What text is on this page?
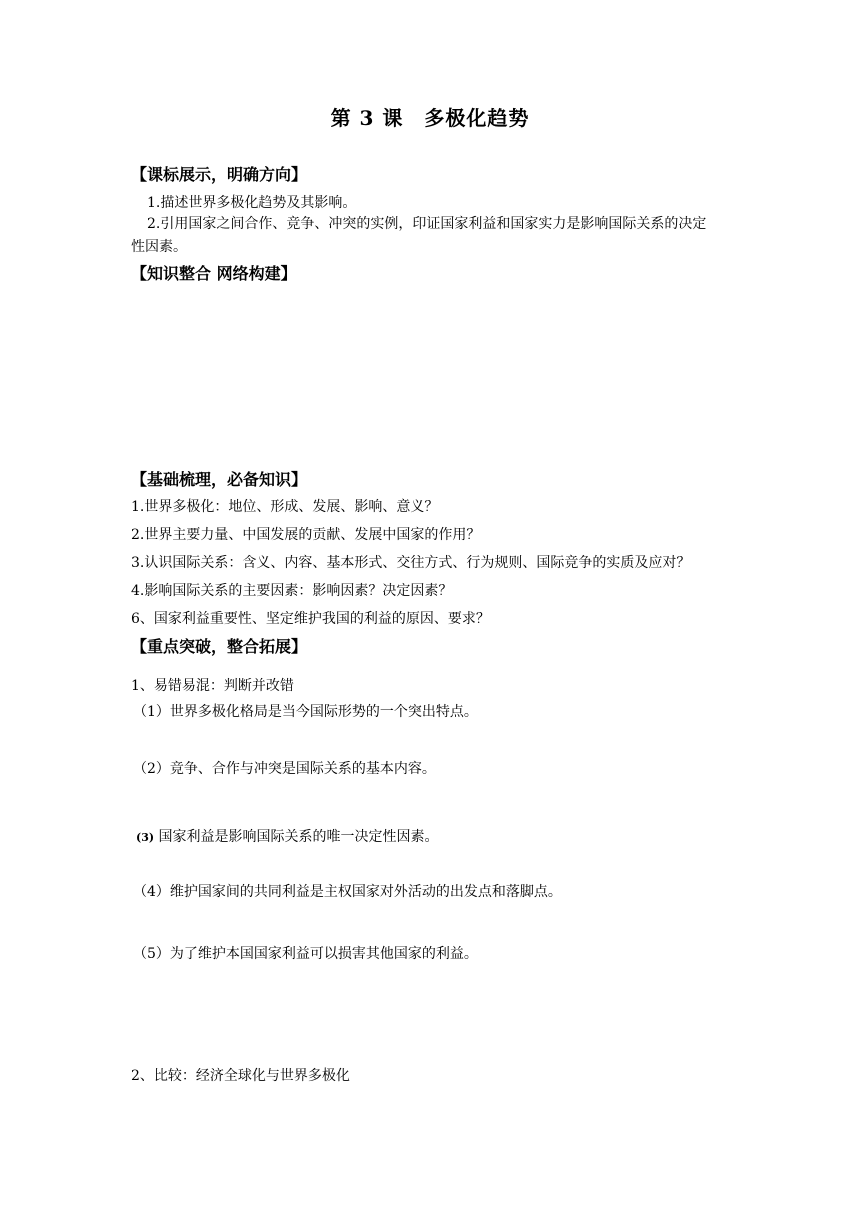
第 3 课　多极化趋势
【课标展示，明确方向】
1.描述世界多极化趋势及其影响。
2.引用国家之间合作、竞争、冲突的实例，印证国家利益和国家实力是影响国际关系的决定
性因素。
【知识整合 网络构建】
【基础梳理，必备知识】
1.世界多极化：地位、形成、发展、影响、意义？
2.世界主要力量、中国发展的贡献、发展中国家的作用？
3.认识国际关系：含义、内容、基本形式、交往方式、行为规则、国际竞争的实质及应对？
4.影响国际关系的主要因素：影响因素？决定因素？
6、国家利益重要性、坚定维护我国的利益的原因、要求？
【重点突破，整合拓展】
1、易错易混：判断并改错
（1）世界多极化格局是当今国际形势的一个突出特点。
（2）竞争、合作与冲突是国际关系的基本内容。
(3) 国家利益是影响国际关系的唯一决定性因素。
（4）维护国家间的共同利益是主权国家对外活动的出发点和落脚点。
（5）为了维护本国国家利益可以损害其他国家的利益。
2、比较：经济全球化与世界多极化
